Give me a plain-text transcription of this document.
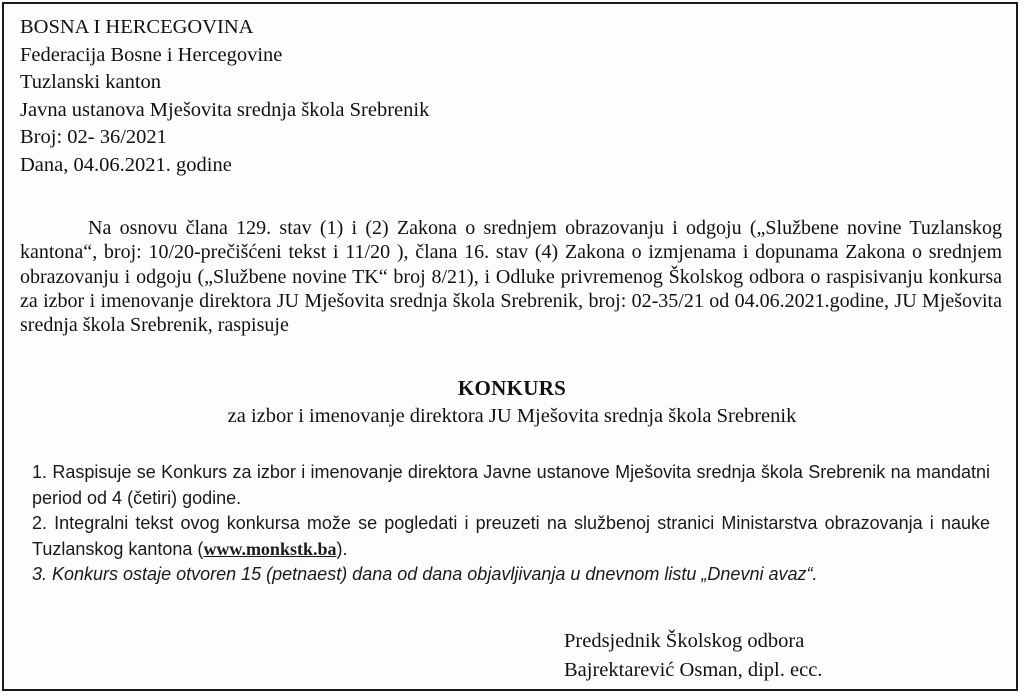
BOSNA I HERCEGOVINA
Federacija Bosne i Hercegovine
Tuzlanski kanton
Javna ustanova Mješovita srednja škola Srebrenik
Broj: 02- 36/2021
Dana, 04.06.2021. godine
Na osnovu člana 129. stav (1) i (2) Zakona o srednjem obrazovanju i odgoju („Službene novine Tuzlanskog kantona“, broj: 10/20-prečišćeni tekst i 11/20 ), člana 16. stav (4) Zakona o izmjenama i dopunama Zakona o srednjem obrazovanju i odgoju („Službene novine TK“ broj 8/21), i Odluke privremenog Školskog odbora o raspisivanju konkursa za izbor i imenovanje direktora JU Mješovita srednja škola Srebrenik, broj: 02-35/21 od 04.06.2021.godine, JU Mješovita srednja škola Srebrenik, raspisuje
KONKURS
za izbor i imenovanje direktora JU Mješovita srednja škola Srebrenik

1. Raspisuje se Konkurs za izbor i imenovanje direktora Javne ustanove Mješovita srednja škola Srebrenik na mandatni period od 4 (četiri) godine.

2. Integralni tekst ovog konkursa može se pogledati i preuzeti na službenoj stranici Ministarstva obrazovanja i nauke Tuzlanskog kantona (www.monkstk.ba).

3. Konkurs ostaje otvoren 15 (petnaest) dana od dana objavljivanja u dnevnom listu „Dnevni avaz“.

Predsjednik Školskog odbora
Bajrektarević Osman, dipl. ecc.
